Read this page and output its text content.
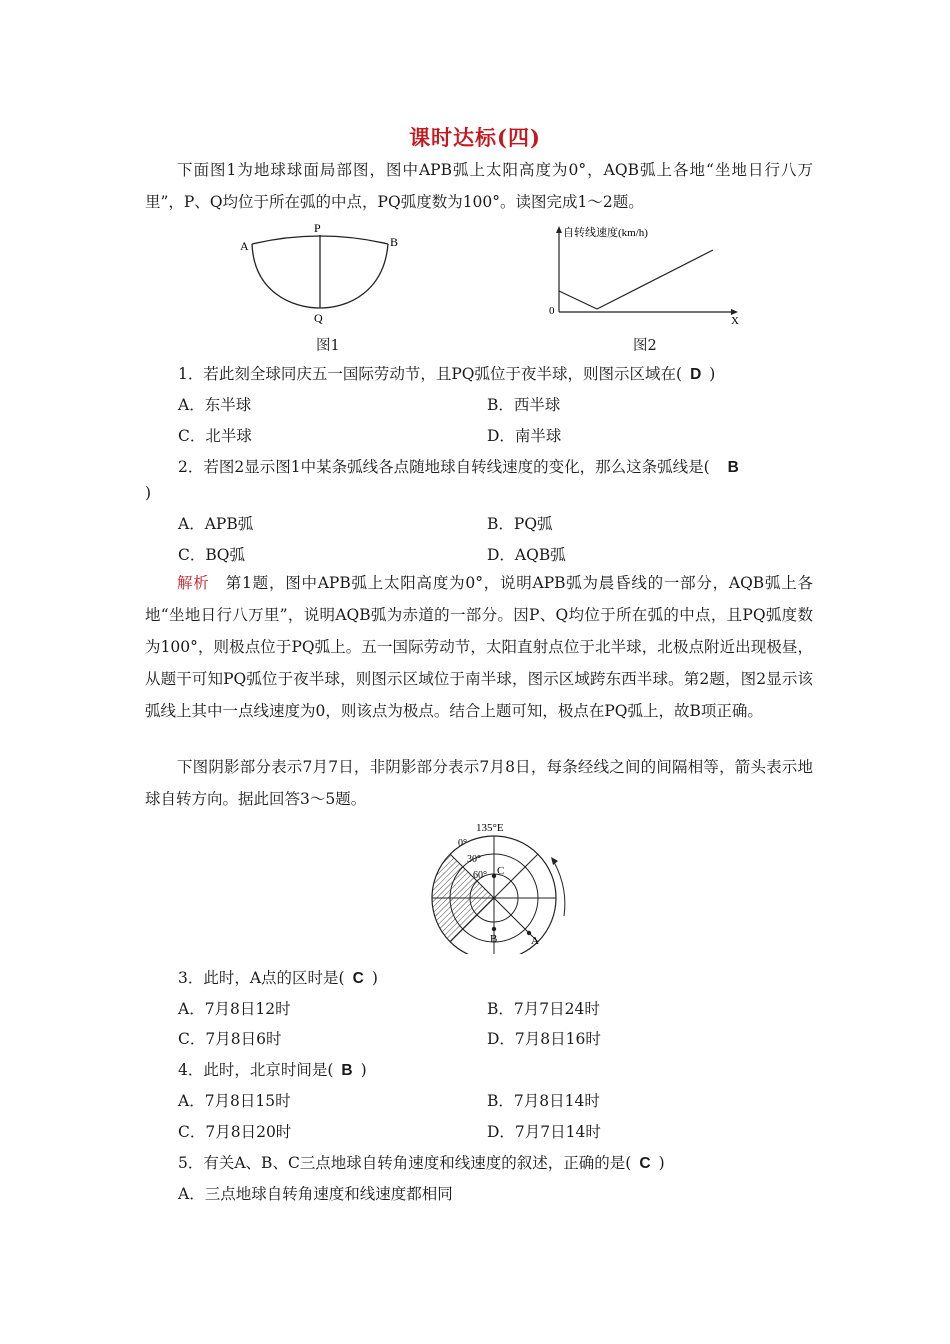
课时达标(四)

下面图1为地球球面局部图，图中APB弧上太阳高度为0°，AQB弧上各地“坐地日行八万里”，P、Q均位于所在弧的中点，PQ弧度数为100°。读图完成1～2题。

A
P
B
Q
图1
自转线速度(km/h)
0
X
图2
1．若此刻全球同庆五一国际劳动节，且PQ弧位于夜半球，则图示区域在( D )
A．东半球	B．西半球
C．北半球	D．南半球
2．若图2显示图1中某条弧线各点随地球自转线速度的变化，那么这条弧线是( B
)
A．APB弧	B．PQ弧
C．BQ弧	D．AQB弧

解析　 第1题，图中APB弧上太阳高度为0°，说明APB弧为晨昏线的一部分，AQB弧上各地“坐地日行八万里”，说明AQB弧为赤道的一部分。因P、Q均位于所在弧的中点，且PQ弧度数为100°，则极点位于PQ弧上。五一国际劳动节，太阳直射点位于北半球，北极点附近出现极昼，从题干可知PQ弧位于夜半球，则图示区域位于南半球，图示区域跨东西半球。第2题，图2显示该弧线上其中一点线速度为0，则该点为极点。结合上题可知，极点在PQ弧上，故B项正确。

下图阴影部分表示7月7日，非阴影部分表示7月8日，每条经线之间的间隔相等，箭头表示地球自转方向。据此回答3～5题。

135°E
0°
30°
60° C
B	A
3．此时，A点的区时是( C )
A．7月8日12时	B．7月7日24时
C．7月8日6时	D．7月8日16时
4．此时，北京时间是( B )
A．7月8日15时	B．7月8日14时
C．7月8日20时	D．7月7日14时
5．有关A、B、C三点地球自转角速度和线速度的叙述，正确的是( C )
A．三点地球自转角速度和线速度都相同
